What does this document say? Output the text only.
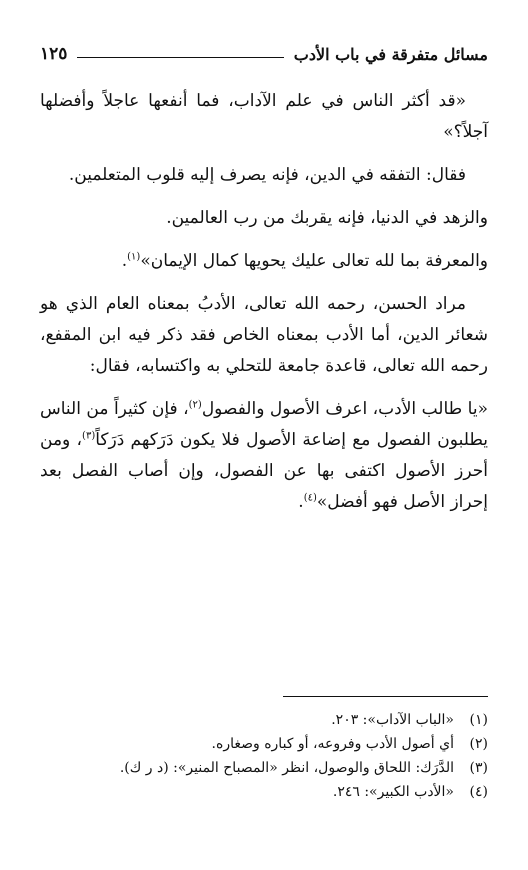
مسائل متفرقة في باب الأدب
١٢٥

«قد أكثر الناس في علم الآداب، فما أنفعها عاجلاً وأفضلها آجلاً؟»

فقال: التفقه في الدين، فإنه يصرف إليه قلوب المتعلمين.

والزهد في الدنيا، فإنه يقربك من رب العالمين.

والمعرفة بما لله تعالى عليك يحويها كمال الإيمان»$^{(١)}$.

مراد الحسن، رحمه الله تعالى، الأدبُ بمعناه العام الذي هو شعائر الدين، أما الأدب بمعناه الخاص فقد ذكر فيه ابن المقفع، رحمه الله تعالى، قاعدة جامعة للتحلي به واكتسابه، فقال:

«يا طالب الأدب، اعرف الأصول والفصول$^{(٢)}$، فإن كثيراً من الناس يطلبون الفصول مع إضاعة الأصول فلا يكون دَرَكهم دَرَكاً$^{(٣)}$، ومن أحرز الأصول اكتفى بها عن الفصول، وإن أصاب الفصل بعد إحراز الأصل فهو أفضل»$^{(٤)}$.

(١)
«الباب الآداب»: ٢٠٣.
(٢)
أي أصول الأدب وفروعه، أو كباره وصغاره.
(٣)
الدَّرَك: اللحاق والوصول، انظر «المصباح المنير»: (د ر ك).
(٤)
«الأدب الكبير»: ٢٤٦.
